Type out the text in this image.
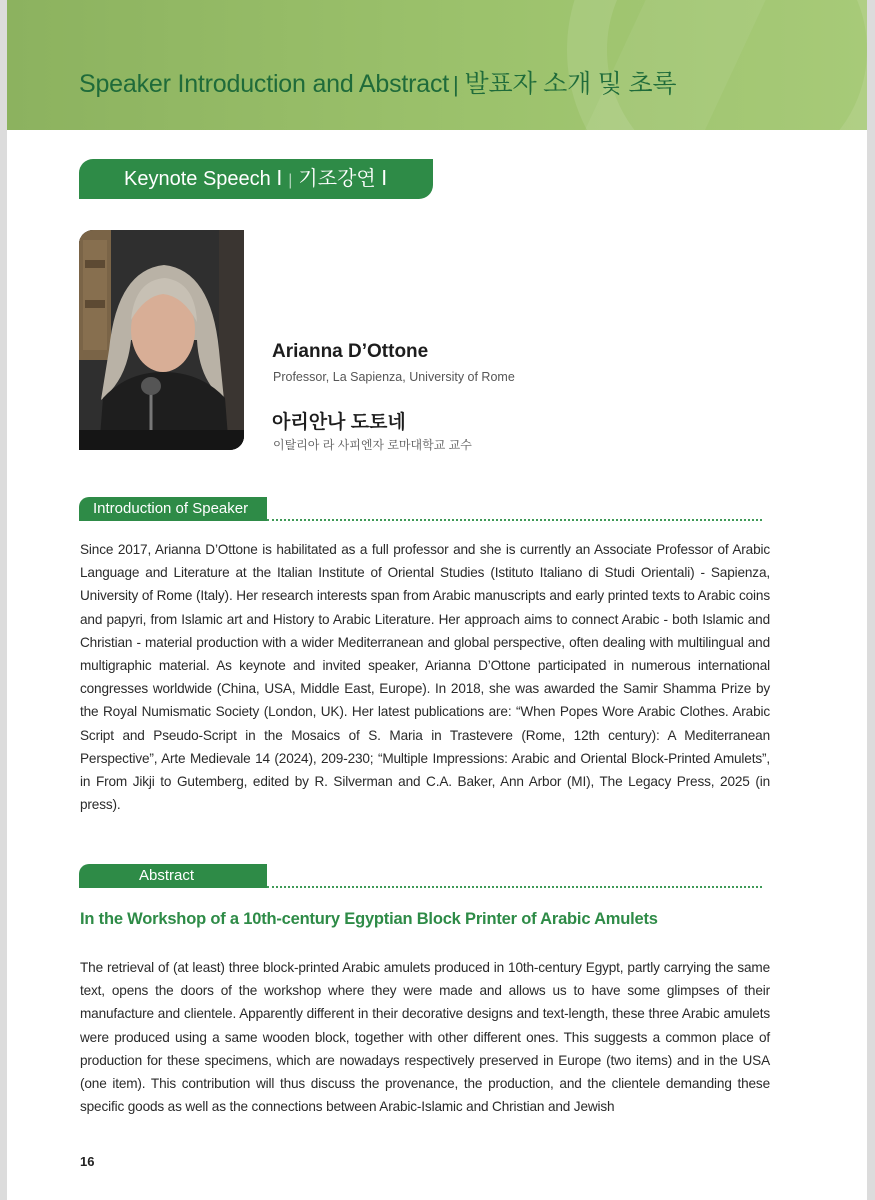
Speaker Introduction and Abstract | 발표자 소개 및 초록
Keynote Speech Ⅰ | 기조강연 Ⅰ
Arianna D’Ottone
Professor, La Sapienza, University of Rome
아리안나 도토네
이탈리아 라 사피엔자 로마대학교 교수
Introduction of Speaker
Since 2017, Arianna D’Ottone is habilitated as a full professor and she is currently an Associate Professor of Arabic Language and Literature at the Italian Institute of Oriental Studies (Istituto Italiano di Studi Orientali) - Sapienza, University of Rome (Italy). Her research interests span from Arabic manuscripts and early printed texts to Arabic coins and papyri, from Islamic art and History to Arabic Literature. Her approach aims to connect Arabic - both Islamic and Christian - material production with a wider Mediterranean and global perspective, often dealing with multilingual and multigraphic material. As keynote and invited speaker, Arianna D’Ottone participated in numerous international congresses worldwide (China, USA, Middle East, Europe). In 2018, she was awarded the Samir Shamma Prize by the Royal Numismatic Society (London, UK). Her latest publications are: “When Popes Wore Arabic Clothes. Arabic Script and Pseudo-Script in the Mosaics of S. Maria in Trastevere (Rome, 12th century): A Mediterranean Perspective”, Arte Medievale 14 (2024), 209-230; “Multiple Impressions: Arabic and Oriental Block-Printed Amulets”, in From Jikji to Gutemberg, edited by R. Silverman and C.A. Baker, Ann Arbor (MI), The Legacy Press, 2025 (in press).
Abstract
In the Workshop of a 10th-century Egyptian Block Printer of Arabic Amulets
The retrieval of (at least) three block-printed Arabic amulets produced in 10th-century Egypt, partly carrying the same text, opens the doors of the workshop where they were made and allows us to have some glimpses of their manufacture and clientele. Apparently different in their decorative designs and text-length, these three Arabic amulets were produced using a same wooden block, together with other different ones. This suggests a common place of production for these specimens, which are nowadays respectively preserved in Europe (two items) and in the USA (one item). This contribution will thus discuss the provenance, the production, and the clientele demanding these specific goods as well as the connections between Arabic-Islamic and Christian and Jewish
16
